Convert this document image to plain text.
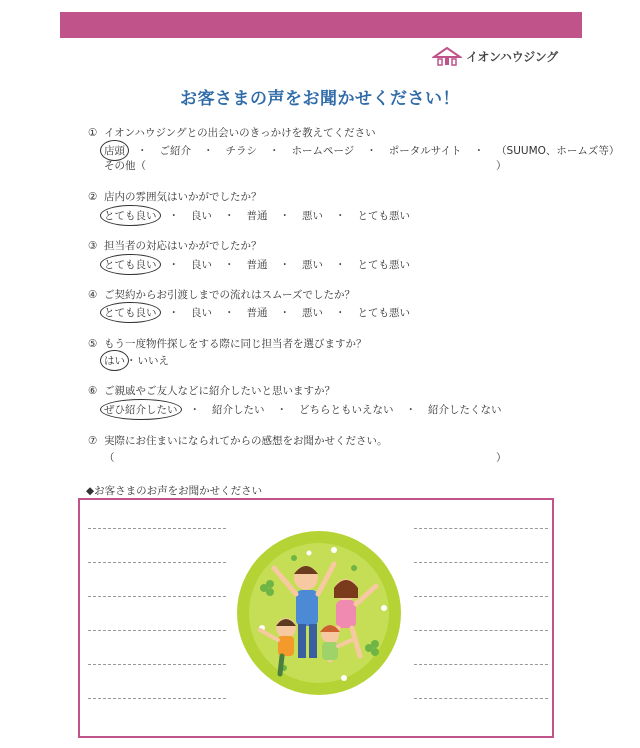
イオンハウジング
お客さまの声をお聞かせください！
① イオンハウジングとの出会いのきっかけを教えてください
店頭 ・ ご紹介 ・ チラシ ・ ホームページ ・ ポータルサイト ・ （SUUMO、ホームズ等）
その他（	）
② 店内の雰囲気はいかがでしたか？
とても良い ・ 良い ・ 普通 ・ 悪い ・ とても悪い
③ 担当者の対応はいかがでしたか？
とても良い ・ 良い ・ 普通 ・ 悪い ・ とても悪い
④ ご契約からお引渡しまでの流れはスムーズでしたか？
とても良い ・ 良い ・ 普通 ・ 悪い ・ とても悪い
⑤ もう一度物件探しをする際に同じ担当者を選びますか？
はい・いいえ
⑥ ご親戚やご友人などに紹介したいと思いますか？
ぜひ紹介したい ・ 紹介したい ・ どちらともいえない ・ 紹介したくない
⑦ 実際にお住まいになられてからの感想をお聞かせください。
（	）
◆お客さまのお声をお聞かせください
